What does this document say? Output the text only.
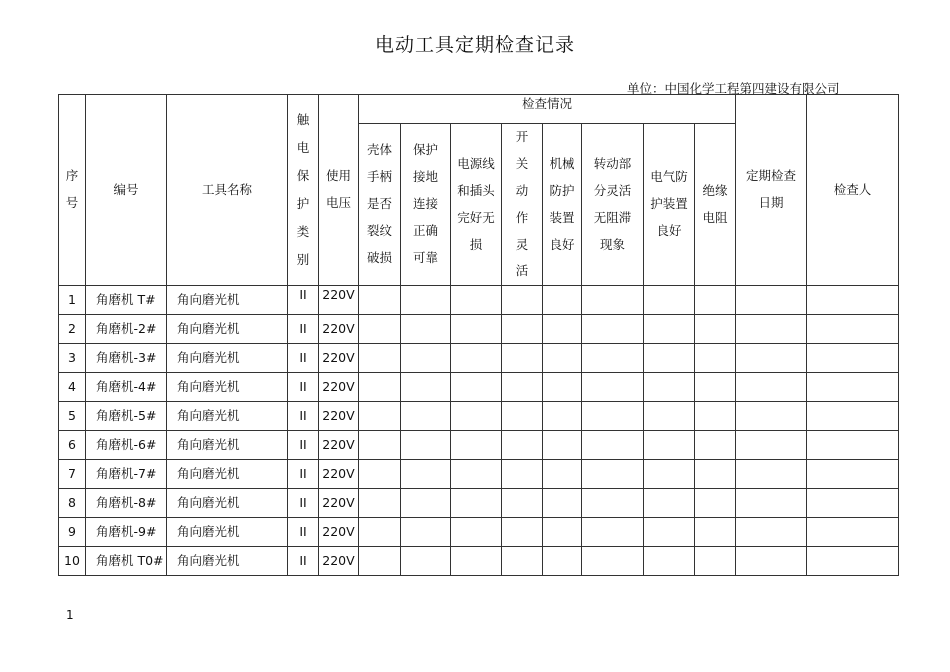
电动工具定期检查记录
单位：中国化学工程第四建设有限公司
序号	编号	工具名称	触电保护类别	使用电压	检查情况								定期检查日期	检查人
					壳体手柄是否裂纹破损	保护接地连接正确可靠	电源线和插头完好无损	开关动作灵活	机械防护装置良好	转动部分灵活无阻滞现象	电气防护装置良好	绝缘电阻		
1	角磨机 T#	角向磨光机	II	220V										
2	角磨机-2#	角向磨光机	II	220V										
3	角磨机-3#	角向磨光机	II	220V										
4	角磨机-4#	角向磨光机	II	220V										
5	角磨机-5#	角向磨光机	II	220V										
6	角磨机-6#	角向磨光机	II	220V										
7	角磨机-7#	角向磨光机	II	220V										
8	角磨机-8#	角向磨光机	II	220V										
9	角磨机-9#	角向磨光机	II	220V										
10	角磨机 T0#	角向磨光机	II	220V										
1
